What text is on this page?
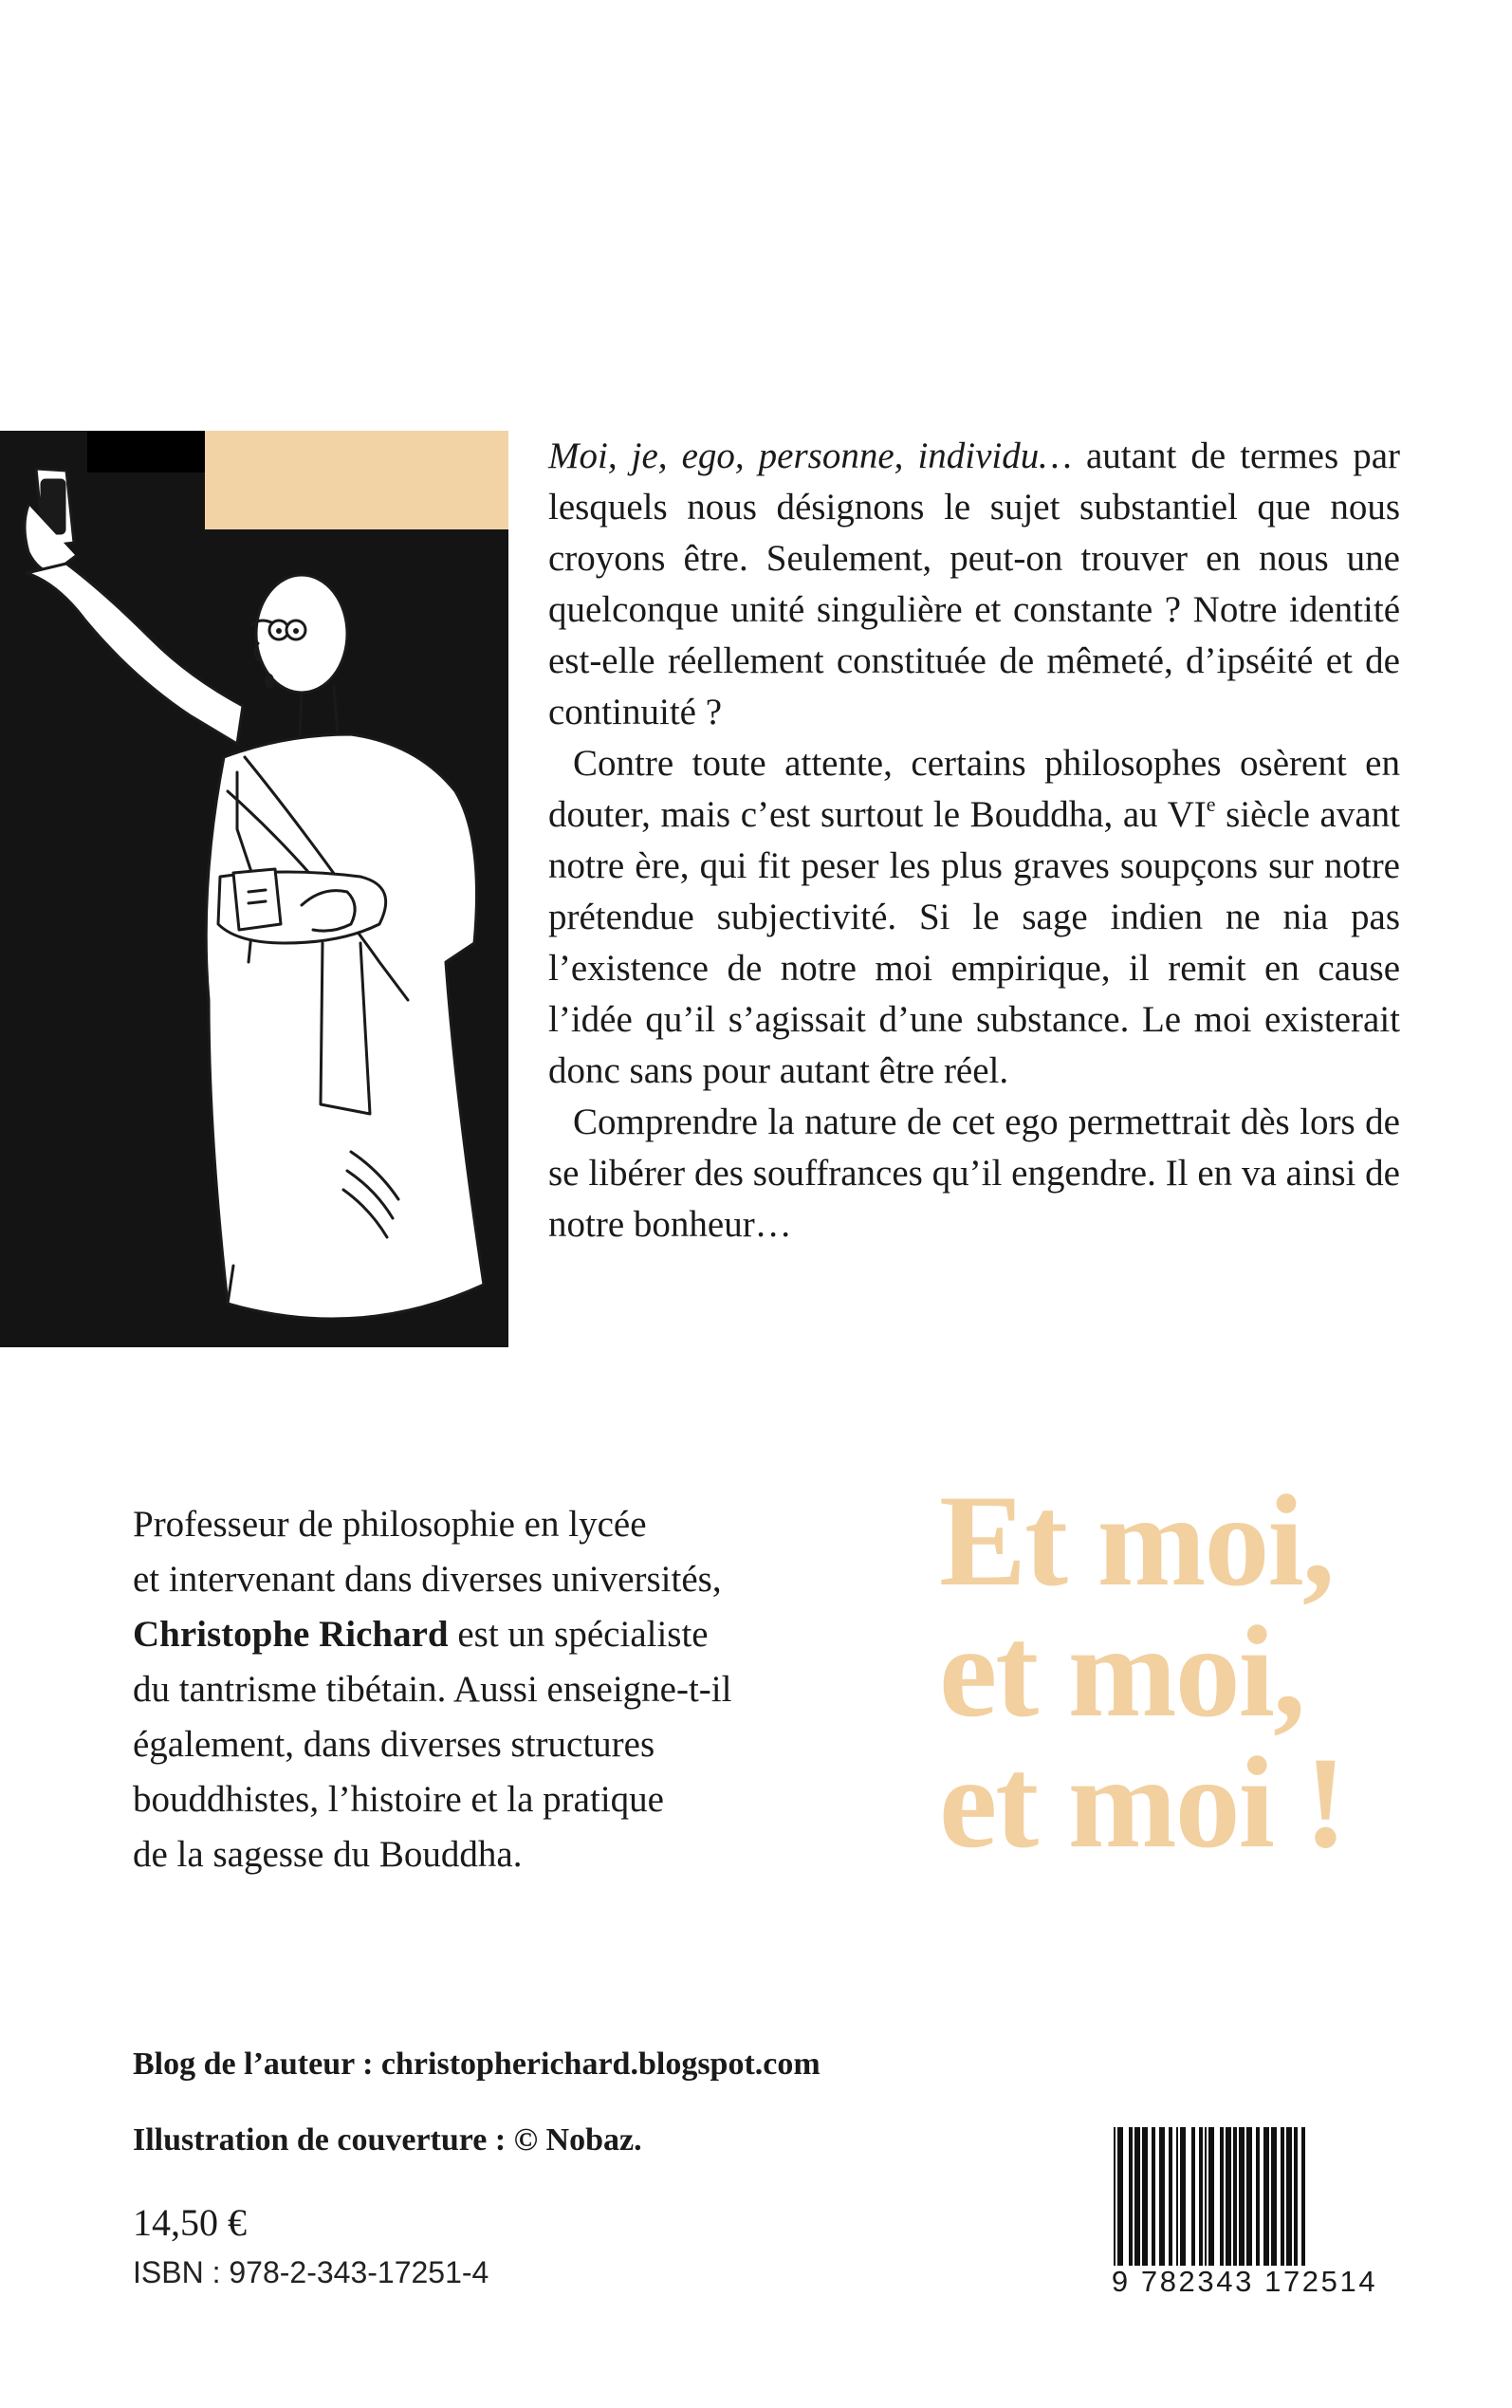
Moi, je, ego, personne, individu… autant de termes par lesquels nous désignons le sujet substantiel que nous croyons être. Seulement, peut-on trouver en nous une quelconque unité singulière et constante ? Notre identité est-elle réellement constituée de mêmeté, d’ipséité et de continuité ?

Contre toute attente, certains philosophes osèrent en douter, mais c’est surtout le Bouddha, au VIe siècle avant notre ère, qui fit peser les plus graves soupçons sur notre prétendue subjectivité. Si le sage indien ne nia pas l’existence de notre moi empirique, il remit en cause l’idée qu’il s’agissait d’une substance. Le moi existerait donc sans pour autant être réel.

Comprendre la nature de cet ego permettrait dès lors de se libérer des souffrances qu’il engendre. Il en va ainsi de notre bonheur…

Professeur de philosophie en lycée
et intervenant dans diverses universités,
Christophe Richard est un spécialiste
du tantrisme tibétain. Aussi enseigne-t-il
également, dans diverses structures
bouddhistes, l’histoire et la pratique
de la sagesse du Bouddha.
Et moi,
et moi,
et moi !
Blog de l’auteur : christopherichard.blogspot.com
Illustration de couverture : © Nobaz.
14,50 €
ISBN : 978-2-343-17251-4	9 782343 172514
